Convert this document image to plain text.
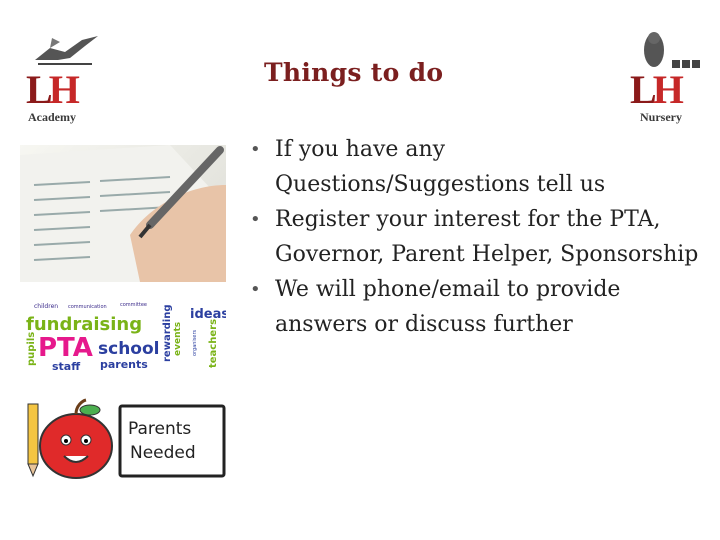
LH
Academy
LH
Nursery
Things to do
• If you have any Questions/Suggestions tell us
• Register your interest for the PTA, Governor, Parent Helper, Sponsorship
• We will phone/email to provide answers or discuss further
children communication	committee
fundraising
pupils PTA school rewarding events
ideas
teachers
staff parents
organisers
Parents
Needed
